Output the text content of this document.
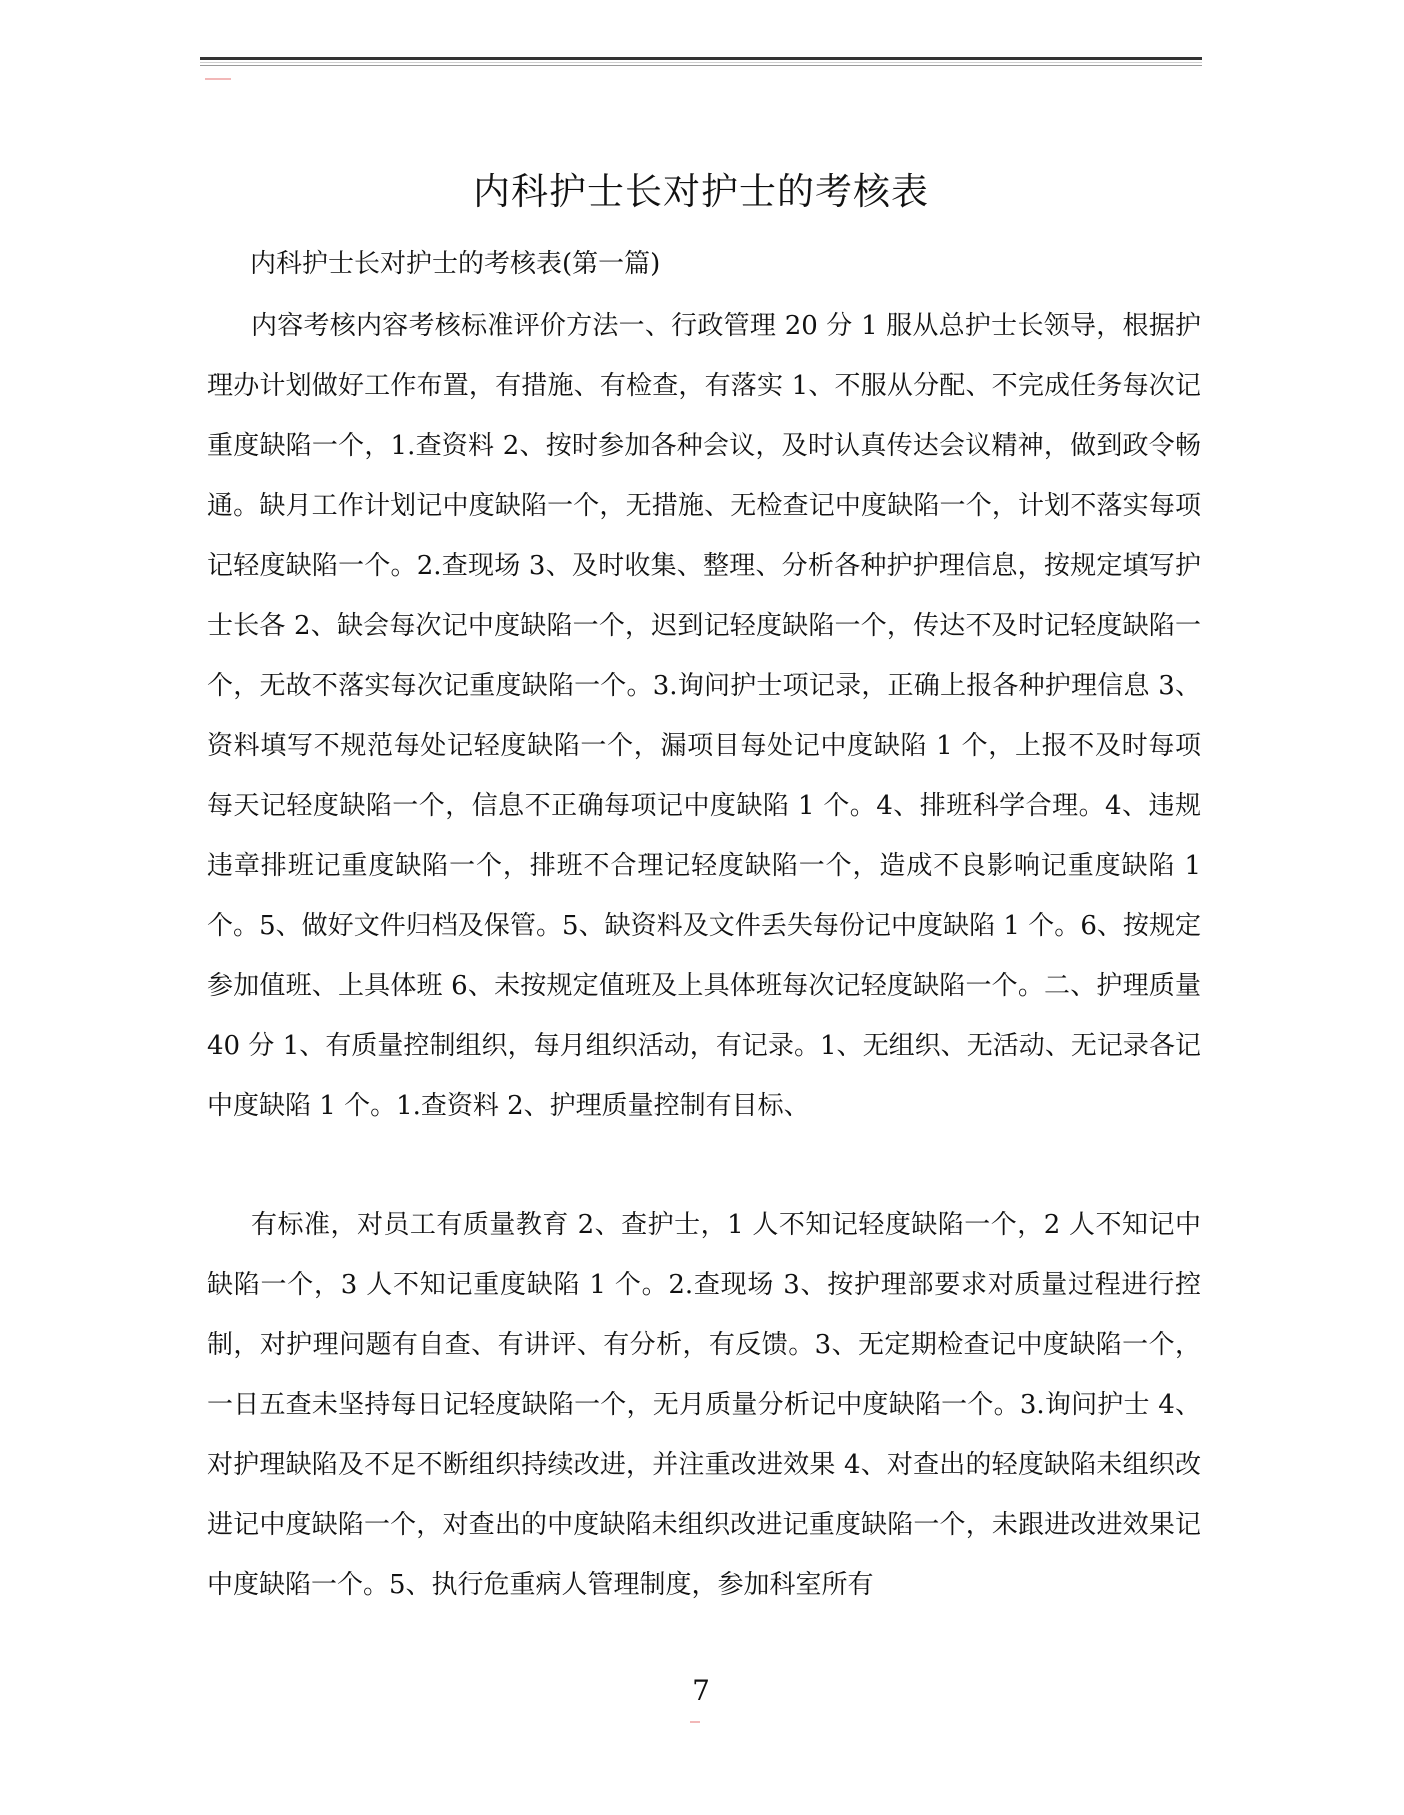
内科护士长对护士的考核表

内科护士长对护士的考核表(第一篇)

内容考核内容考核标准评价方法一、行政管理 20 分 1 服从总护士长领导，根据护理办计划做好工作布置，有措施、有检查，有落实 1、不服从分配、不完成任务每次记重度缺陷一个，1.查资料 2、按时参加各种会议，及时认真传达会议精神，做到政令畅通。缺月工作计划记中度缺陷一个，无措施、无检查记中度缺陷一个，计划不落实每项记轻度缺陷一个。2.查现场 3、及时收集、整理、分析各种护护理信息，按规定填写护士长各 2、缺会每次记中度缺陷一个，迟到记轻度缺陷一个，传达不及时记轻度缺陷一个，无故不落实每次记重度缺陷一个。3.询问护士项记录，正确上报各种护理信息 3、资料填写不规范每处记轻度缺陷一个，漏项目每处记中度缺陷 1 个，上报不及时每项每天记轻度缺陷一个，信息不正确每项记中度缺陷 1 个。4、排班科学合理。4、违规违章排班记重度缺陷一个，排班不合理记轻度缺陷一个，造成不良影响记重度缺陷 1 个。5、做好文件归档及保管。5、缺资料及文件丢失每份记中度缺陷 1 个。6、按规定参加值班、上具体班 6、未按规定值班及上具体班每次记轻度缺陷一个。二、护理质量 40 分 1、有质量控制组织，每月组织活动，有记录。1、无组织、无活动、无记录各记中度缺陷 1 个。1.查资料 2、护理质量控制有目标、

有标准，对员工有质量教育 2、查护士，1 人不知记轻度缺陷一个，2 人不知记中缺陷一个，3 人不知记重度缺陷 1 个。2.查现场 3、按护理部要求对质量过程进行控制，对护理问题有自查、有讲评、有分析，有反馈。3、无定期检查记中度缺陷一个，一日五查未坚持每日记轻度缺陷一个，无月质量分析记中度缺陷一个。3.询问护士 4、对护理缺陷及不足不断组织持续改进，并注重改进效果 4、对查出的轻度缺陷未组织改进记中度缺陷一个，对查出的中度缺陷未组织改进记重度缺陷一个，未跟进改进效果记中度缺陷一个。5、执行危重病人管理制度，参加科室所有

7
